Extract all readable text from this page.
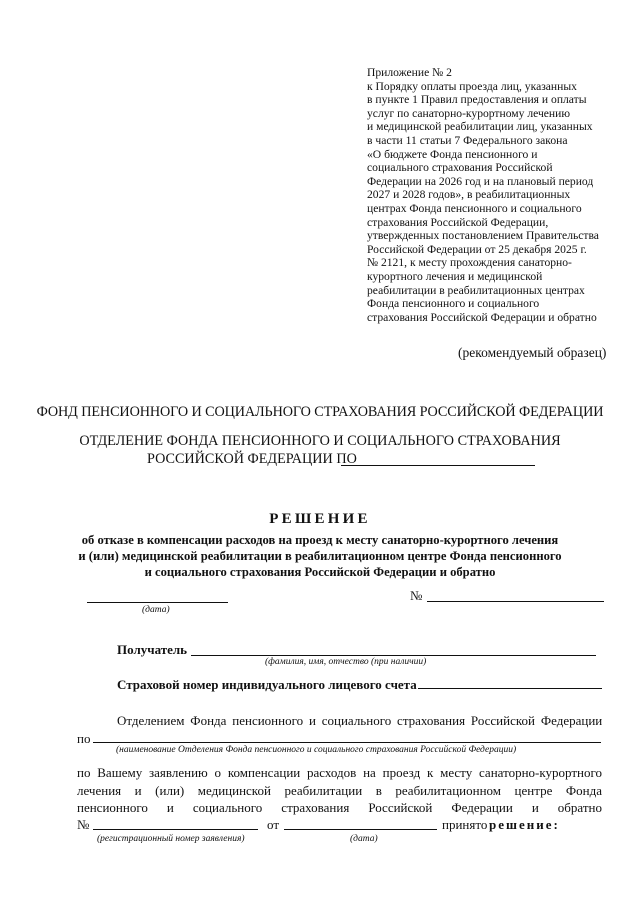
Приложение № 2
к Порядку оплаты проезда лиц, указанных
в пункте 1 Правил предоставления и оплаты
услуг по санаторно-курортному лечению
и медицинской реабилитации лиц, указанных
в части 11 статьи 7 Федерального закона
«О бюджете Фонда пенсионного и
социального страхования Российской
Федерации на 2026 год и на плановый период
2027 и 2028 годов», в реабилитационных
центрах Фонда пенсионного и социального
страхования Российской Федерации,
утвержденных постановлением Правительства
Российской Федерации от 25 декабря 2025 г.
№ 2121, к месту прохождения санаторно-
курортного лечения и медицинской
реабилитации в реабилитационных центрах
Фонда пенсионного и социального
страхования Российской Федерации и обратно
(рекомендуемый образец)
ФОНД ПЕНСИОННОГО И СОЦИАЛЬНОГО СТРАХОВАНИЯ РОССИЙСКОЙ ФЕДЕРАЦИИ
ОТДЕЛЕНИЕ ФОНДА ПЕНСИОННОГО И СОЦИАЛЬНОГО СТРАХОВАНИЯ
РОССИЙСКОЙ ФЕДЕРАЦИИ ПО
РЕШЕНИЕ
об отказе в компенсации расходов на проезд к месту санаторно-курортного лечения
и (или) медицинской реабилитации в реабилитационном центре Фонда пенсионного
и социального страхования Российской Федерации и обратно
(дата)
№
Получатель
(фамилия, имя, отчество (при наличии)
Страховой номер индивидуального лицевого счета
Отделением Фонда пенсионного и социального страхования Российской Федерации
по
(наименование Отделения Фонда пенсионного и социального страхования Российской Федерации)
по Вашему заявлению о компенсации расходов на проезд к месту санаторно-курортного
лечения и (или) медицинской реабилитации в реабилитационном центре Фонда
пенсионного и социального страхования Российской Федерации и обратно
№	от	принято решение:
(регистрационный номер заявления)	(дата)
